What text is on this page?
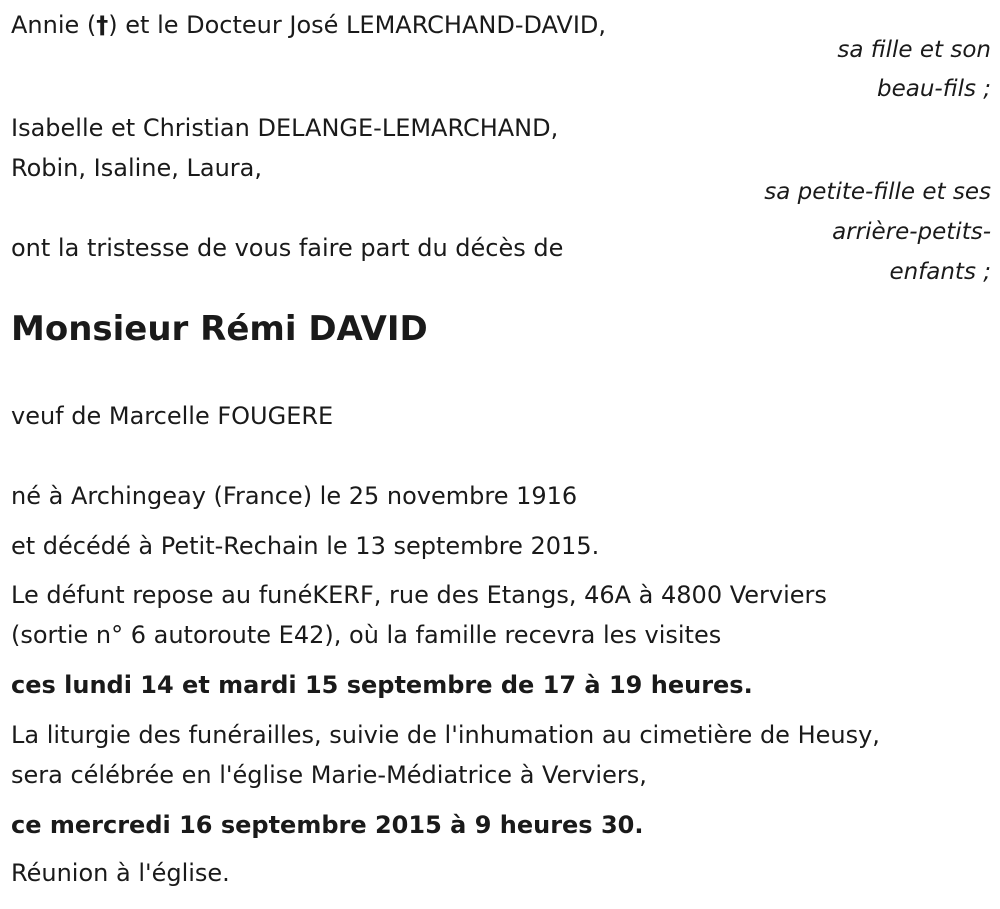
Annie (†) et le Docteur José LEMARCHAND-DAVID,
sa fille et son
beau-fils ;
Isabelle et Christian DELANGE-LEMARCHAND,
Robin, Isaline, Laura,
sa petite-fille et ses
arrière-petits-
enfants ;
ont la tristesse de vous faire part du décès de
Monsieur Rémi DAVID
veuf de Marcelle FOUGERE
né à Archingeay (France) le 25 novembre 1916
et décédé à Petit-Rechain le 13 septembre 2015.
Le défunt repose au funéKERF, rue des Etangs, 46A à 4800 Verviers
(sortie n° 6 autoroute E42), où la famille recevra les visites
ces lundi 14 et mardi 15 septembre de 17 à 19 heures.
La liturgie des funérailles, suivie de l'inhumation au cimetière de Heusy,
sera célébrée en l'église Marie-Médiatrice à Verviers,
ce mercredi 16 septembre 2015 à 9 heures 30.
Réunion à l'église.
